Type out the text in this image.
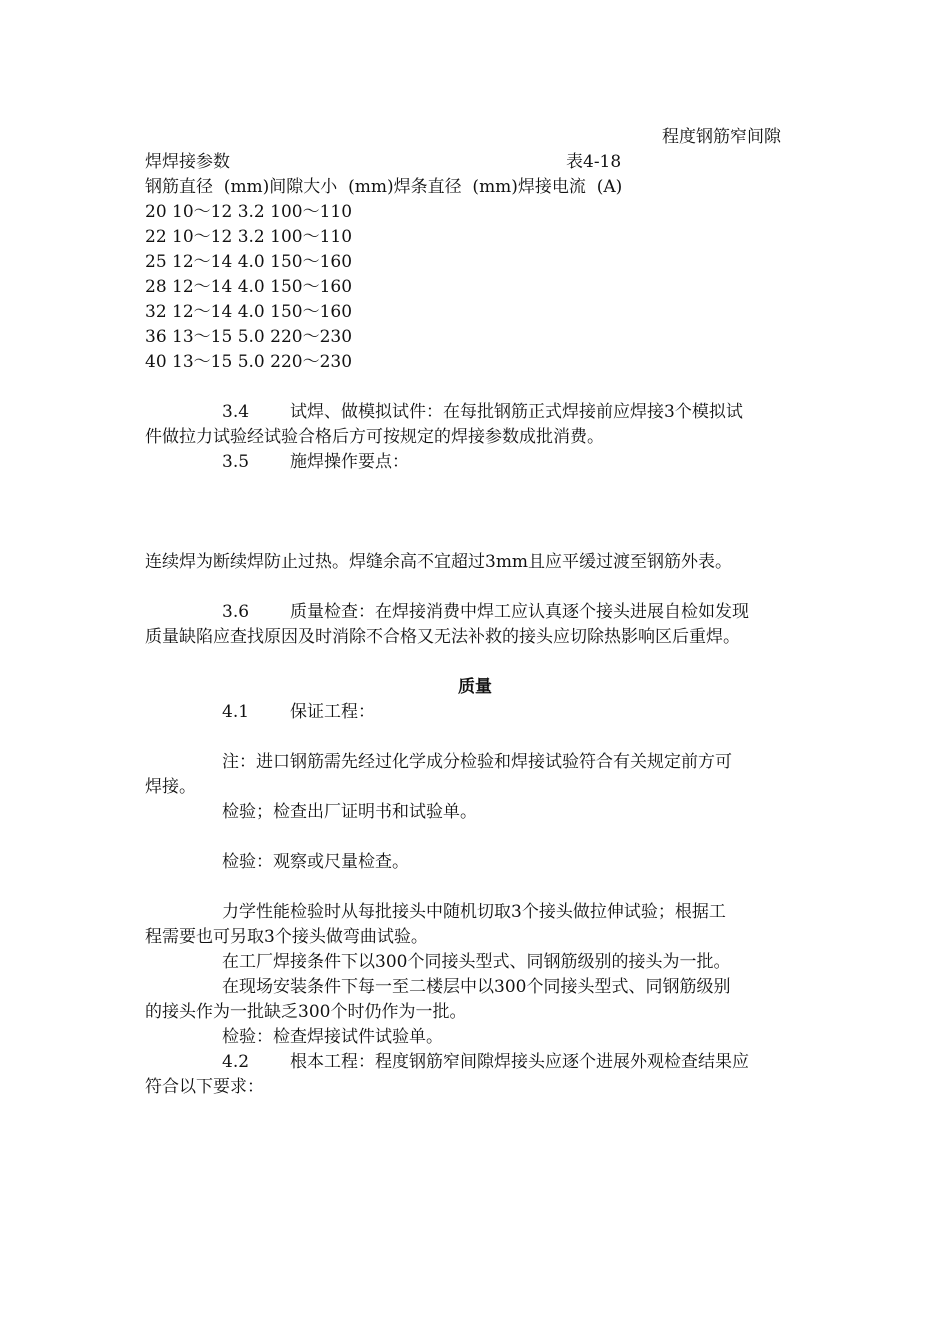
程度钢筋窄间隙
焊焊接参数	表4-18
钢筋直径  (mm)间隙大小  (mm)焊条直径  (mm)焊接电流  (A)
20 10～12 3.2 100～110
22 10～12 3.2 100～110
25 12～14 4.0 150～160
28 12～14 4.0 150～160
32 12～14 4.0 150～160
36 13～15 5.0 220～230
40 13～15 5.0 220～230
3.4 试焊、做模拟试件：在每批钢筋正式焊接前应焊接3个模拟试
件做拉力试验经试验合格后方可按规定的焊接参数成批消费。
3.5 施焊操作要点：
连续焊为断续焊防止过热。焊缝余高不宜超过3mm且应平缓过渡至钢筋外表。
3.6 质量检查：在焊接消费中焊工应认真逐个接头进展自检如发现
质量缺陷应查找原因及时消除不合格又无法补救的接头应切除热影响区后重焊。
质量
4.1 保证工程：
注：进口钢筋需先经过化学成分检验和焊接试验符合有关规定前方可
焊接。
检验；检查出厂证明书和试验单。
检验：观察或尺量检查。
力学性能检验时从每批接头中随机切取3个接头做拉伸试验；根据工
程需要也可另取3个接头做弯曲试验。
在工厂焊接条件下以300个同接头型式、同钢筋级别的接头为一批。
在现场安装条件下每一至二楼层中以300个同接头型式、同钢筋级别
的接头作为一批缺乏300个时仍作为一批。
检验：检查焊接试件试验单。
4.2 根本工程：程度钢筋窄间隙焊接头应逐个进展外观检查结果应
符合以下要求：
